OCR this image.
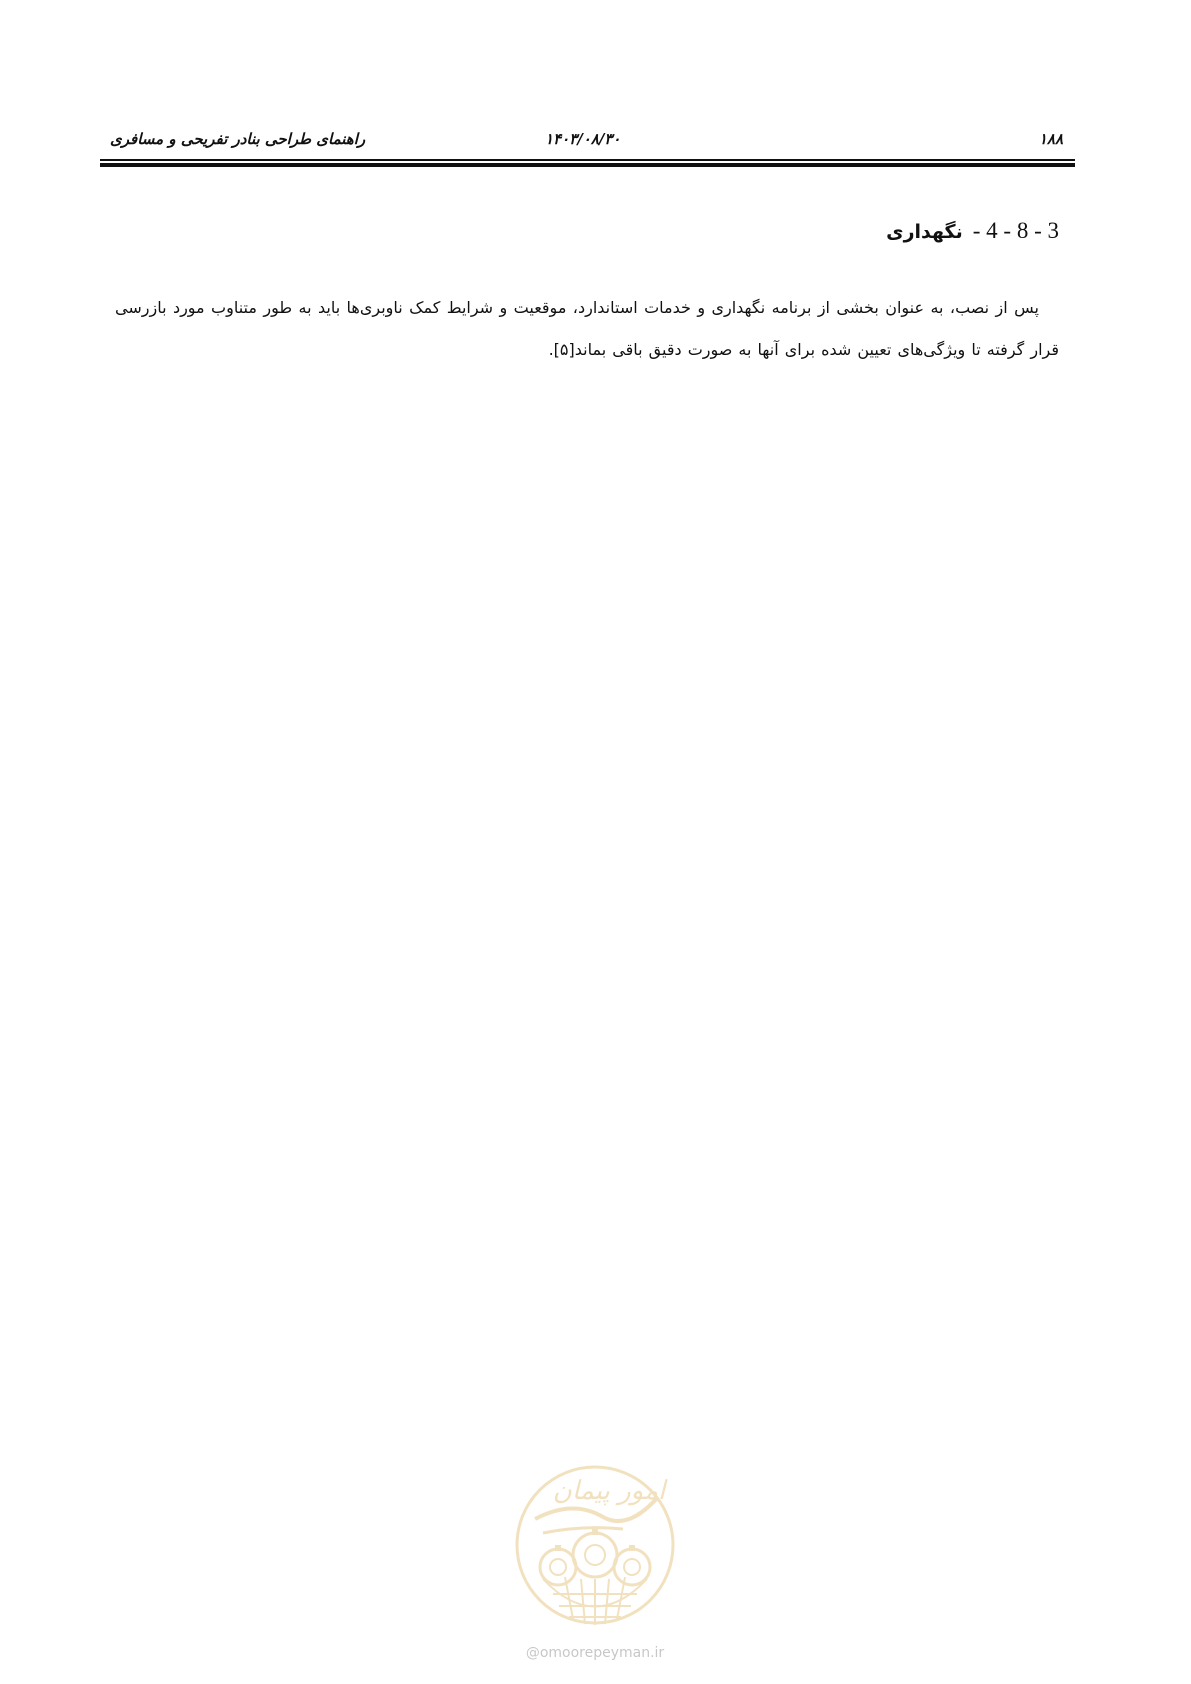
راهنمای طراحی بنادر تفریحی و مسافری	۱۴۰۳/۰۸/۳۰	۱۸۸
3 - 8 - 4 -نگهداری

پس از نصب، به عنوان بخشی از برنامه نگهداری و خدمات استاندارد، موقعیت و شرایط کمک ناوبری‌ها باید به طور متناوب مورد بازرسی قرار گرفته تا ویژگی‌های تعیین شده برای آنها به صورت دقیق باقی بماند[۵].

امور پیمان
@omoorepeyman.ir
